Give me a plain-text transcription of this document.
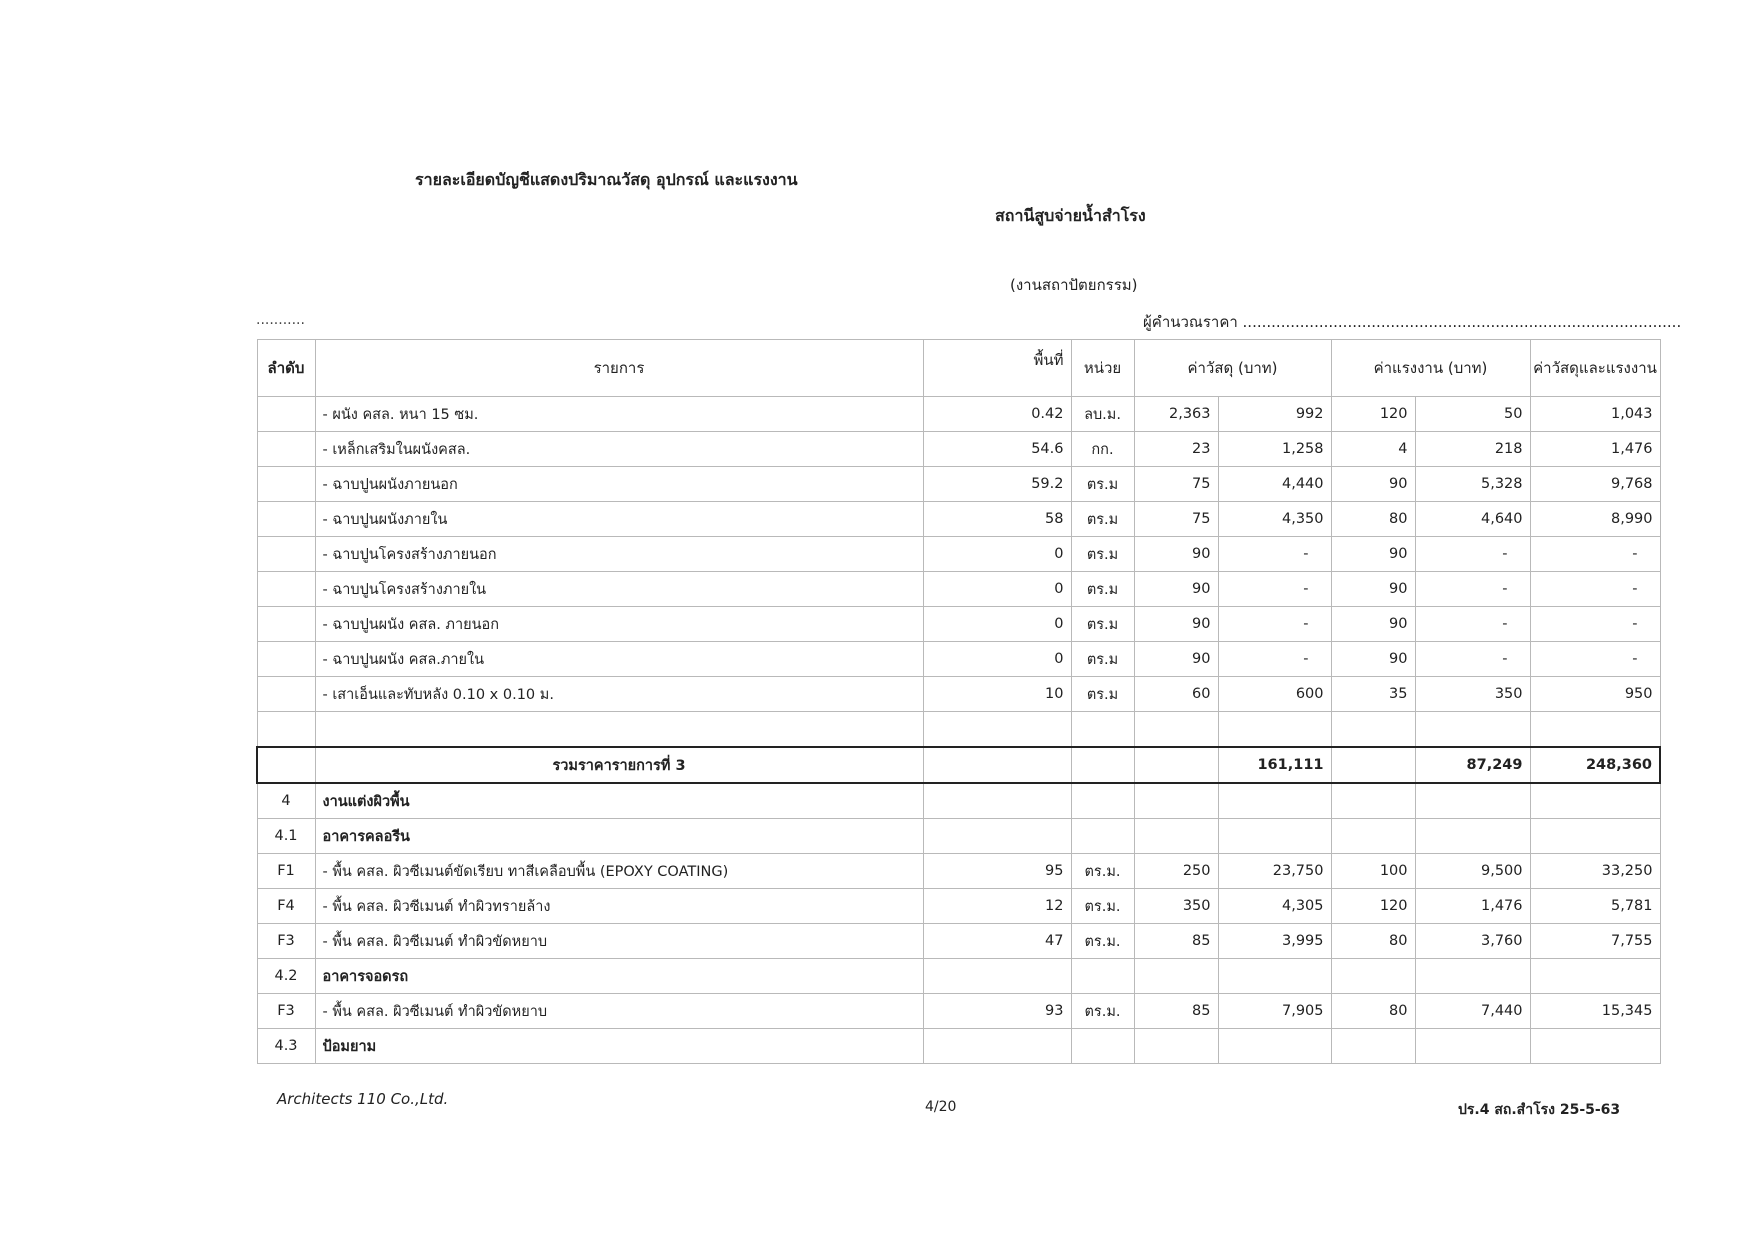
รายละเอียดบัญชีแสดงปริมาณวัสดุ อุปกรณ์ และแรงงาน
สถานีสูบจ่ายน้ำสำโรง
(งานสถาปัตยกรรม)
...........	ผู้คำนวณราคา ............................................................................................
ลำดับ	รายการ	พื้นที่	หน่วย	ค่าวัสดุ (บาท)		ค่าแรงงาน (บาท)		ค่าวัสดุและแรงงาน
	- ผนัง คสล. หนา 15 ซม.	0.42	ลบ.ม.	2,363	992	120	50	1,043
	- เหล็กเสริมในผนังคสล.	54.6	กก.	23	1,258	4	218	1,476
	- ฉาบปูนผนังภายนอก	59.2	ตร.ม	75	4,440	90	5,328	9,768
	- ฉาบปูนผนังภายใน	58	ตร.ม	75	4,350	80	4,640	8,990
	- ฉาบปูนโครงสร้างภายนอก	0	ตร.ม	90	-	90	-	-
	- ฉาบปูนโครงสร้างภายใน	0	ตร.ม	90	-	90	-	-
	- ฉาบปูนผนัง คสล. ภายนอก	0	ตร.ม	90	-	90	-	-
	- ฉาบปูนผนัง คสล.ภายใน	0	ตร.ม	90	-	90	-	-
	- เสาเอ็นและทับหลัง 0.10 x 0.10 ม.	10	ตร.ม	60	600	35	350	950

	รวมราคารายการที่ 3				161,111		87,249	248,360
4	งานแต่งผิวพื้น							
4.1	อาคารคลอรีน							
F1	- พื้น คสล. ผิวซีเมนต์ขัดเรียบ ทาสีเคลือบพื้น (EPOXY COATING)	95	ตร.ม.	250	23,750	100	9,500	33,250
F4	- พื้น คสล. ผิวซีเมนต์ ทำผิวทรายล้าง	12	ตร.ม.	350	4,305	120	1,476	5,781
F3	- พื้น คสล. ผิวซีเมนต์ ทำผิวขัดหยาบ	47	ตร.ม.	85	3,995	80	3,760	7,755
4.2	อาคารจอดรถ							
F3	- พื้น คสล. ผิวซีเมนต์ ทำผิวขัดหยาบ	93	ตร.ม.	85	7,905	80	7,440	15,345
4.3	ป้อมยาม							
Architects 110 Co.,Ltd.	4/20	ปร.4 สถ.สำโรง 25-5-63
